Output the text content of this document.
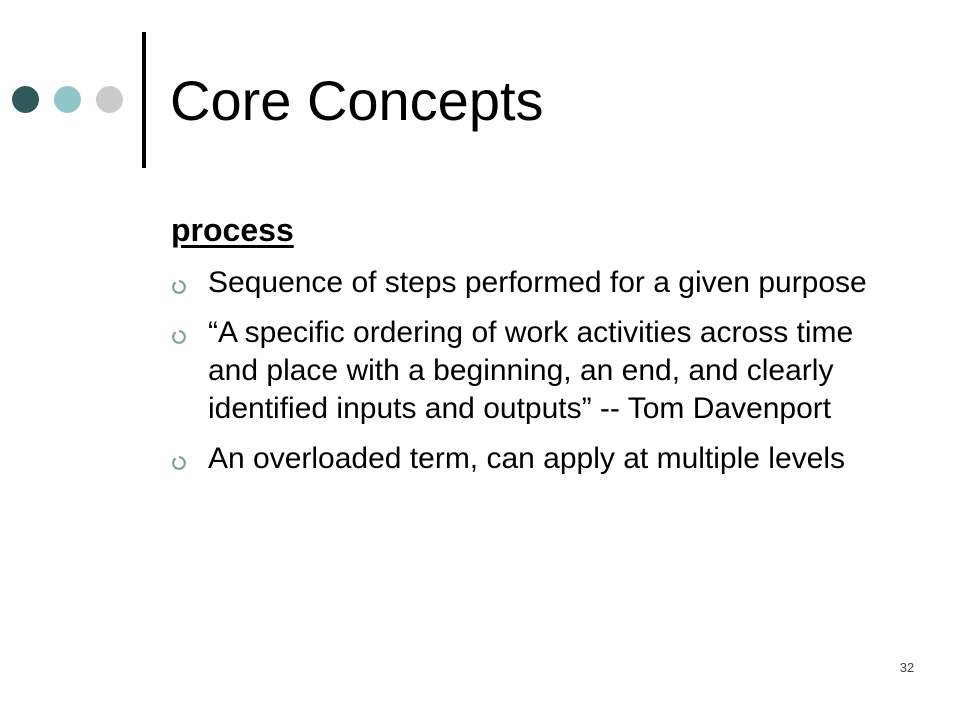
Core Concepts
process
Sequence of steps performed for a given purpose
“A specific ordering of work activities across time and place with a beginning, an end, and clearly identified inputs and outputs” -- Tom Davenport
An overloaded term, can apply at multiple levels
32
